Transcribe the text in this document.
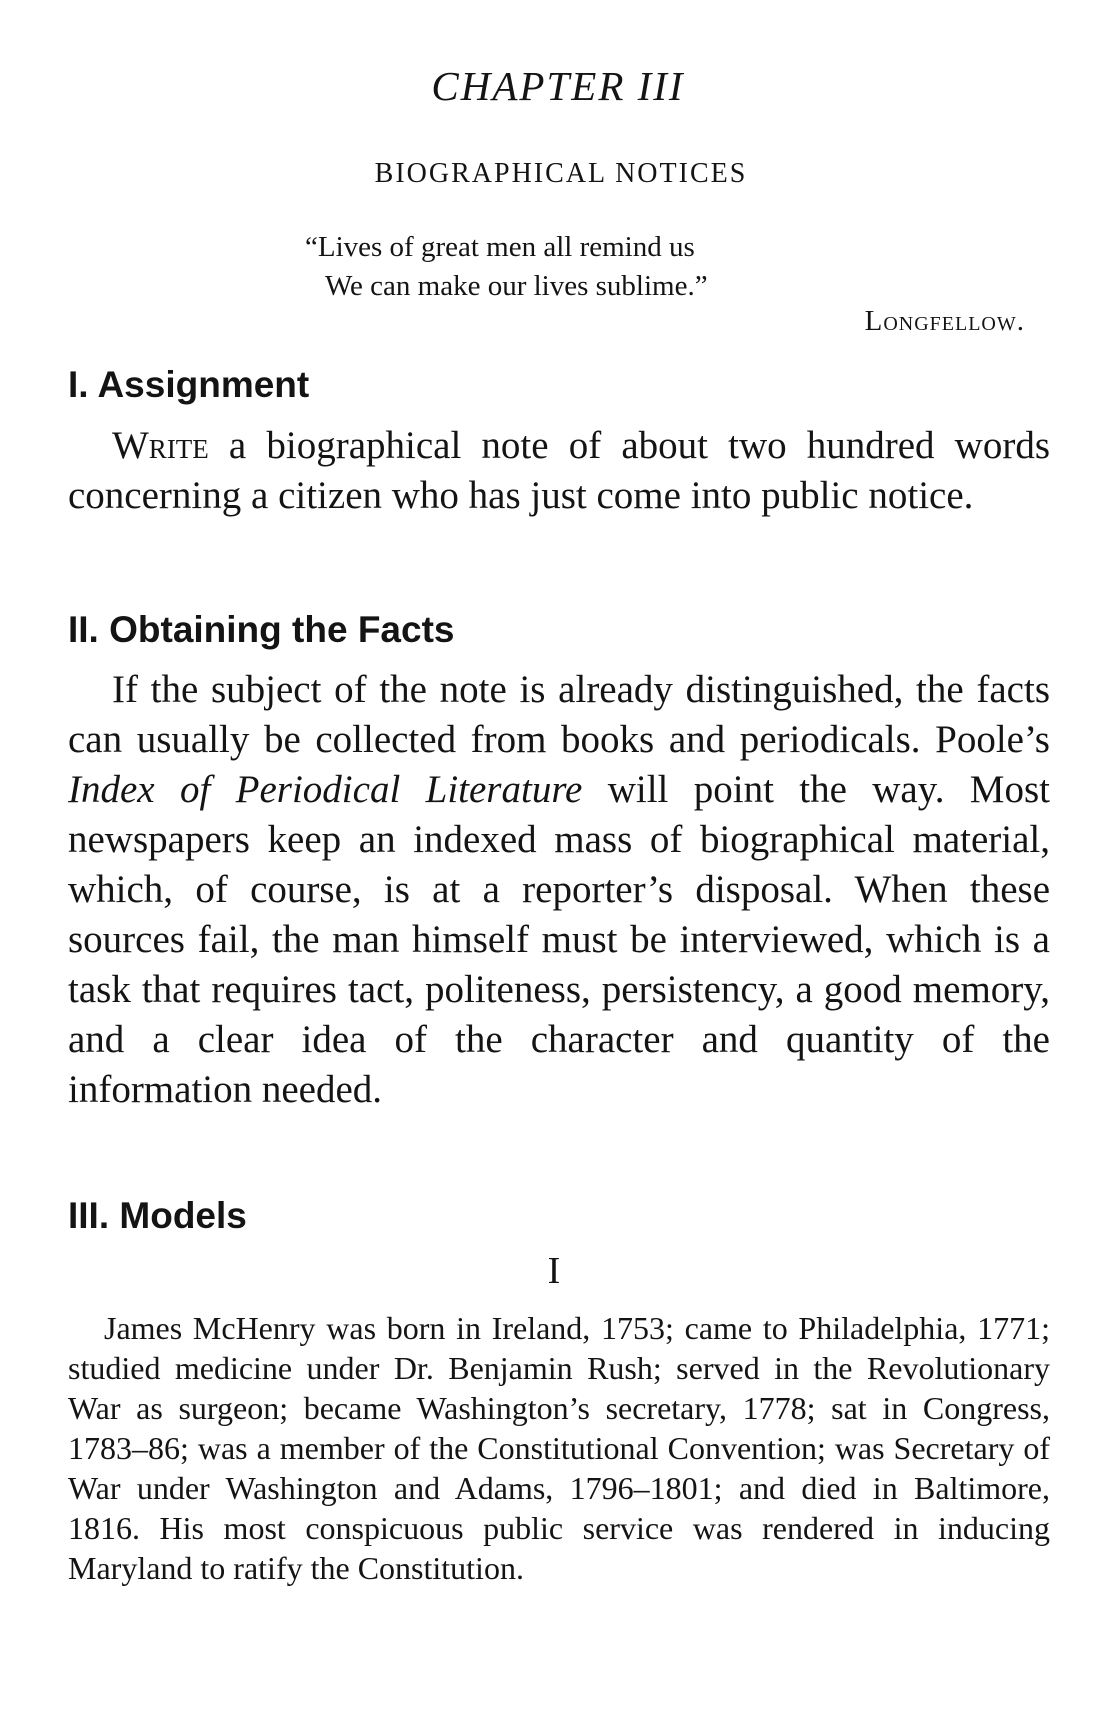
CHAPTER III
BIOGRAPHICAL NOTICES
“Lives of great men all remind us
We can make our lives sublime.”
Longfellow.
I. Assignment
Write a biographical note of about two hundred words concerning a citizen who has just come into public notice.
II. Obtaining the Facts
If the subject of the note is already distinguished, the facts can usually be collected from books and periodicals. Poole’s Index of Periodical Literature will point the way. Most newspapers keep an indexed mass of biographical material, which, of course, is at a reporter’s disposal. When these sources fail, the man himself must be interviewed, which is a task that requires tact, politeness, persistency, a good memory, and a clear idea of the character and quantity of the information needed.
III. Models
I
James McHenry was born in Ireland, 1753; came to Philadelphia, 1771; studied medicine under Dr. Benjamin Rush; served in the Revolutionary War as surgeon; became Washington’s secretary, 1778; sat in Congress, 1783–86; was a member of the Constitutional Convention; was Secretary of War under Washington and Adams, 1796–1801; and died in Baltimore, 1816. His most conspicuous public service was rendered in inducing Maryland to ratify the Constitution.
